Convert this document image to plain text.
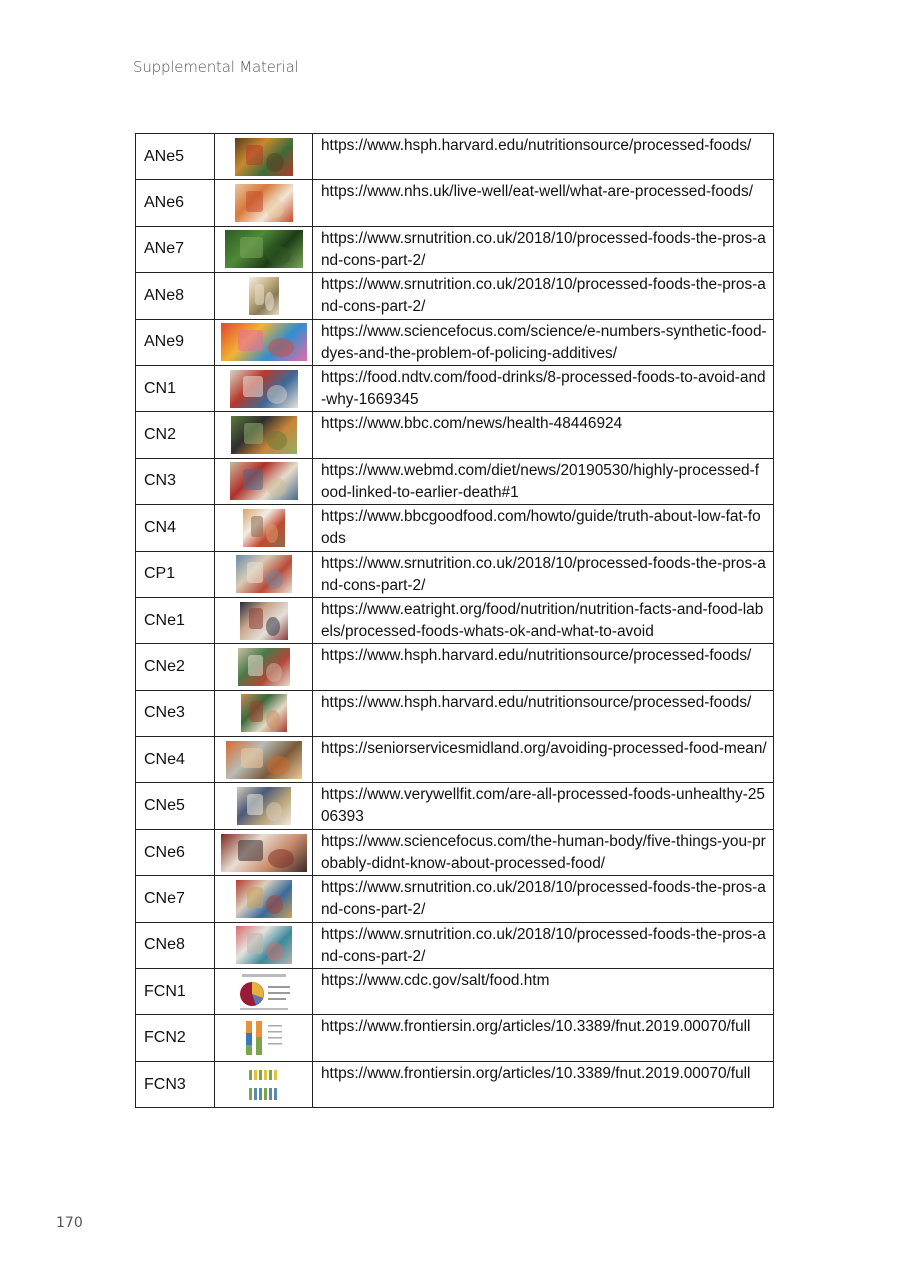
Supplemental Material
ANe5		https://www.hsph.harvard.edu/nutritionsource/processed-foods/
ANe6		https://www.nhs.uk/live-well/eat-well/what-are-processed-foods/
ANe7		https://www.srnutrition.co.uk/2018/10/processed-foods-the-pros-and-cons-part-2/
ANe8		https://www.srnutrition.co.uk/2018/10/processed-foods-the-pros-and-cons-part-2/
ANe9		https://www.sciencefocus.com/science/e-numbers-synthetic-food-dyes-and-the-problem-of-policing-additives/
CN1		https://food.ndtv.com/food-drinks/8-processed-foods-to-avoid-and-why-1669345
CN2		https://www.bbc.com/news/health-48446924
CN3		https://www.webmd.com/diet/news/20190530/highly-processed-food-linked-to-earlier-death#1
CN4		https://www.bbcgoodfood.com/howto/guide/truth-about-low-fat-foods
CP1		https://www.srnutrition.co.uk/2018/10/processed-foods-the-pros-and-cons-part-2/
CNe1		https://www.eatright.org/food/nutrition/nutrition-facts-and-food-labels/processed-foods-whats-ok-and-what-to-avoid
CNe2		https://www.hsph.harvard.edu/nutritionsource/processed-foods/
CNe3		https://www.hsph.harvard.edu/nutritionsource/processed-foods/
CNe4		https://seniorservicesmidland.org/avoiding-processed-food-mean/
CNe5		https://www.verywellfit.com/are-all-processed-foods-unhealthy-2506393
CNe6		https://www.sciencefocus.com/the-human-body/five-things-you-probably-didnt-know-about-processed-food/
CNe7		https://www.srnutrition.co.uk/2018/10/processed-foods-the-pros-and-cons-part-2/
CNe8		https://www.srnutrition.co.uk/2018/10/processed-foods-the-pros-and-cons-part-2/
FCN1		https://www.cdc.gov/salt/food.htm
FCN2		https://www.frontiersin.org/articles/10.3389/fnut.2019.00070/full
FCN3		https://www.frontiersin.org/articles/10.3389/fnut.2019.00070/full
170
